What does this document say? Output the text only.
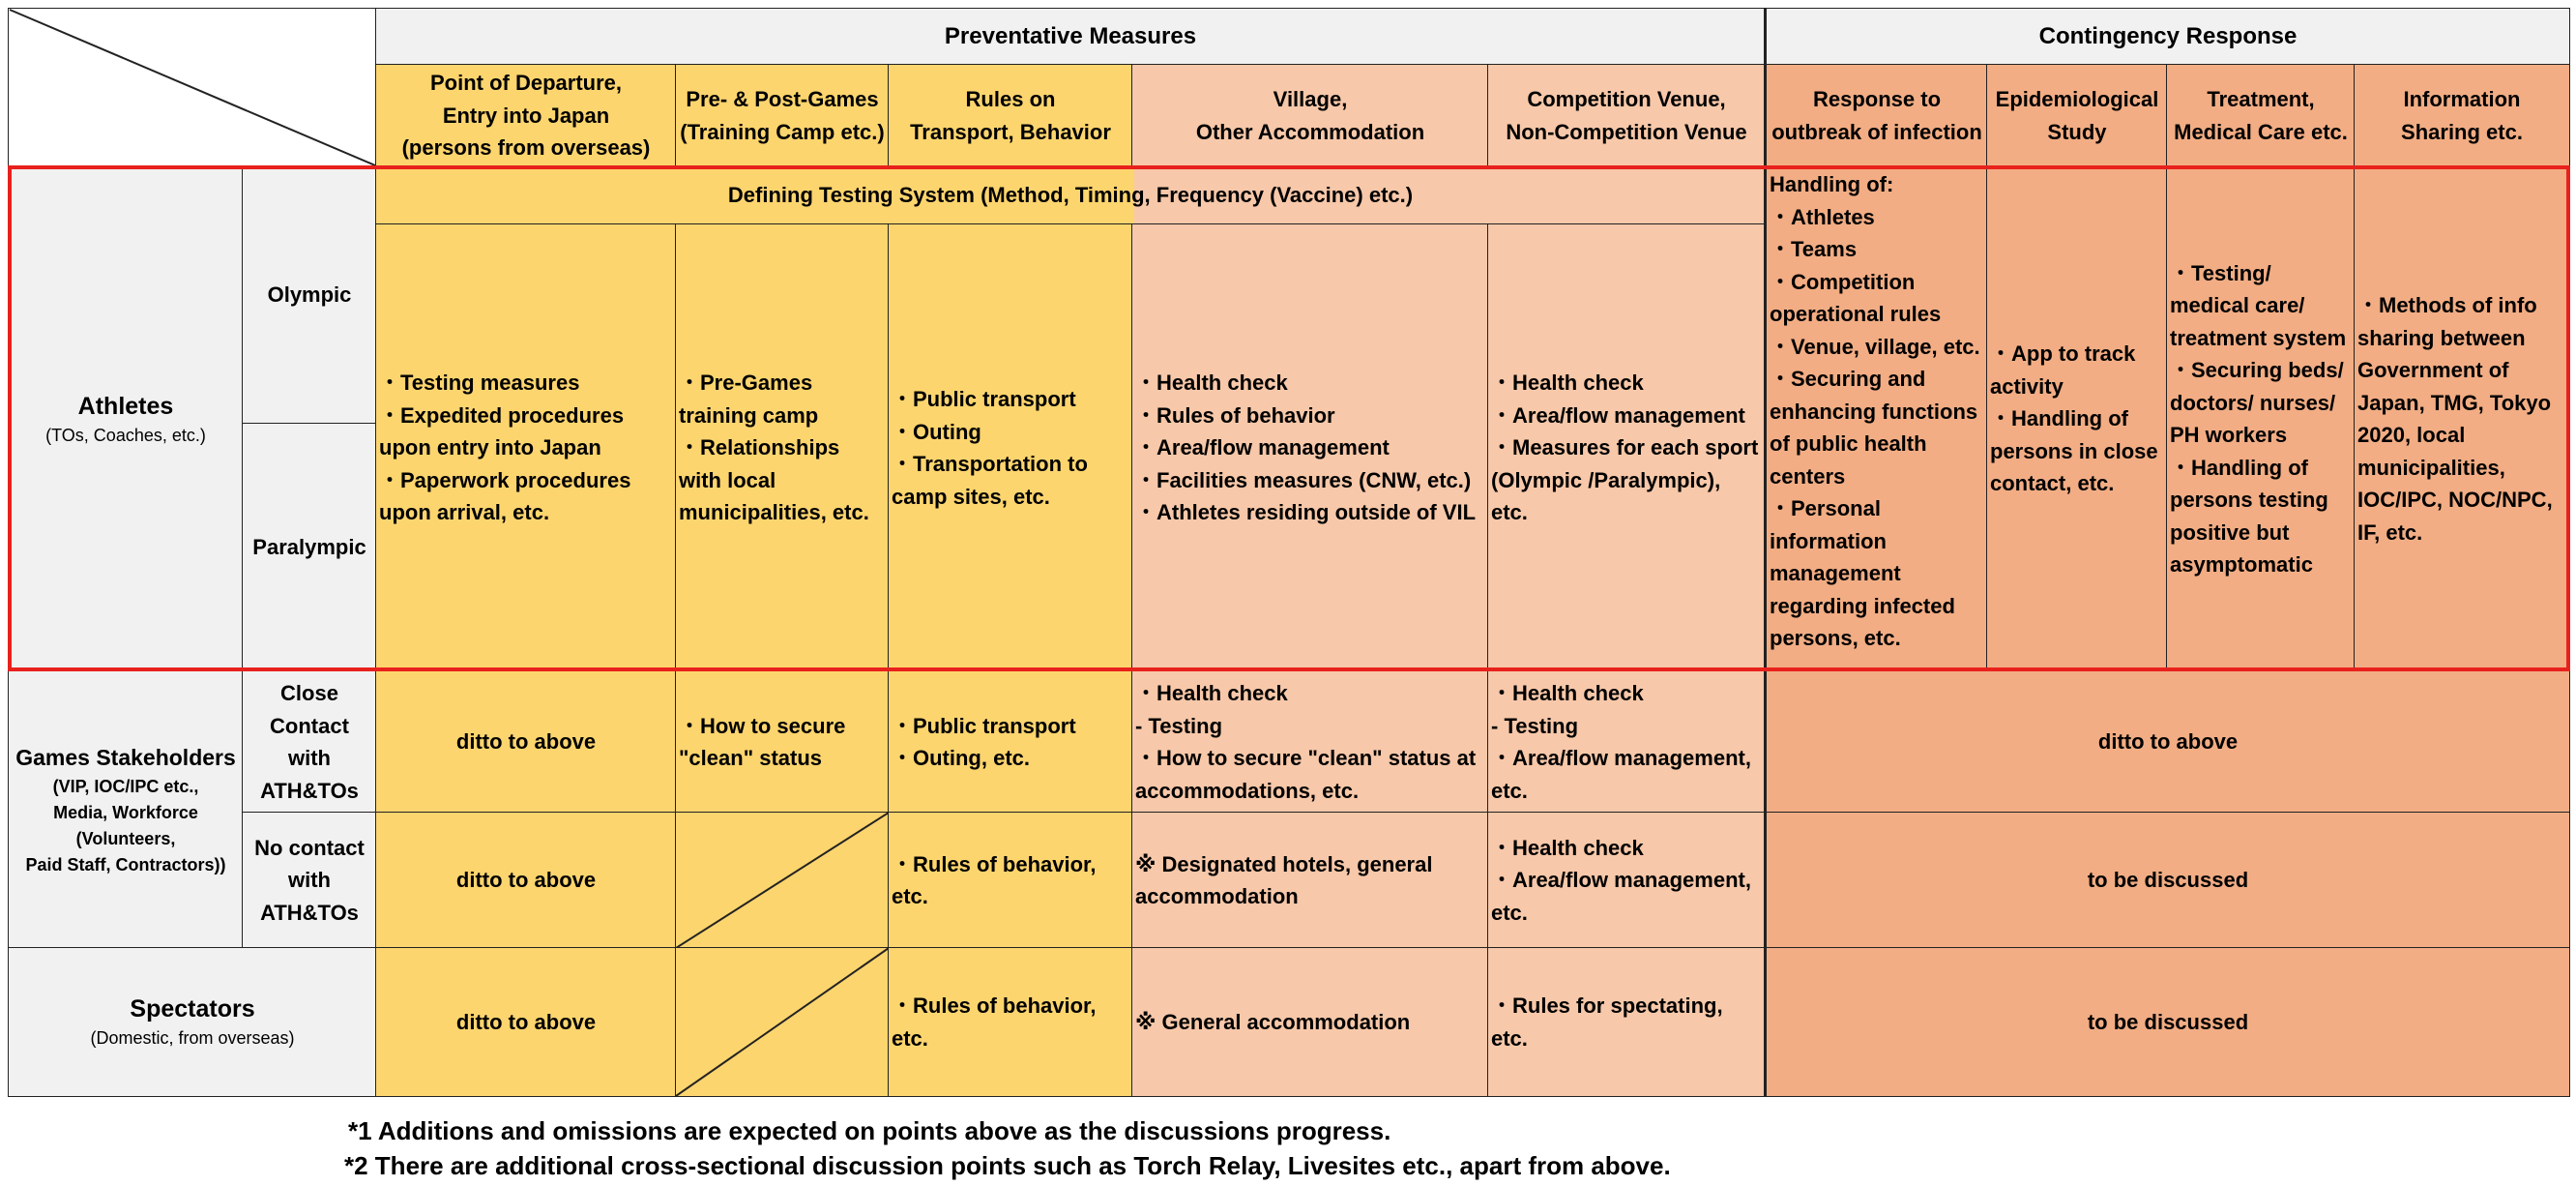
Preventative Measures	Contingency Response
Point of Departure,
Entry into Japan
(persons from overseas)
Pre- & Post-Games
(Training Camp etc.)
Rules on
Transport, Behavior
Village,
Other Accommodation
Competition Venue,
Non-Competition Venue
Response to
outbreak of infection
Epidemiological
Study
Treatment,
Medical Care etc.
Information
Sharing etc.
Athletes
(TOs, Coaches, etc.)
Olympic
Paralympic
Defining Testing System (Method, Timing, Frequency (Vaccine) etc.)
・Testing measures
・Expedited procedures upon entry into Japan
・Paperwork procedures upon arrival, etc.
・Pre-Games training camp
・Relationships with local municipalities, etc.
・Public transport
・Outing
・Transportation to camp sites, etc.
・Health check
・Rules of behavior
・Area/flow management
・Facilities measures (CNW, etc.)
・Athletes residing outside of VIL
・Health check
・Area/flow management
・Measures for each sport (Olympic /Paralympic), etc.
Handling of:
・Athletes
・Teams
・Competition operational rules
・Venue, village, etc.
・Securing and enhancing functions of public health centers
・Personal information management regarding infected persons, etc.
・App to track activity
・Handling of persons in close contact, etc.
・Testing/ medical care/ treatment system
・Securing beds/ doctors/ nurses/ PH workers
・Handling of persons testing positive but asymptomatic
・Methods of info sharing between Government of Japan, TMG, Tokyo 2020, local municipalities, IOC/IPC, NOC/NPC, IF, etc.
Games Stakeholders
(VIP, IOC/IPC etc.,
Media, Workforce
(Volunteers,
Paid Staff, Contractors))
Close
Contact
with
ATH&TOs
No contact
with
ATH&TOs
ditto to above
・How to secure
"clean" status
・Public transport
・Outing, etc.
・Health check
- Testing
・How to secure "clean" status at accommodations, etc.
・Health check
- Testing
・Area/flow management, etc.
ditto to above
ditto to above
・Rules of behavior, etc.
※ Designated hotels, general accommodation
・Health check
・Area/flow management, etc.
to be discussed
Spectators
(Domestic, from overseas)
ditto to above
・Rules of behavior, etc.
※ General accommodation
・Rules for spectating, etc.
to be discussed
*1 Additions and omissions are expected on points above as the discussions progress.
*2 There are additional cross-sectional discussion points such as Torch Relay, Livesites etc., apart from above.
